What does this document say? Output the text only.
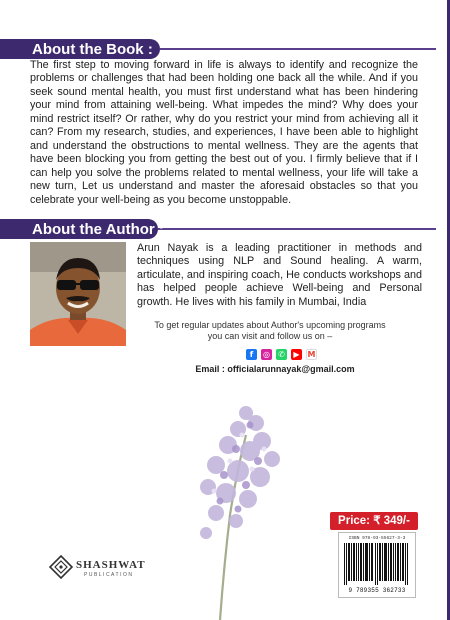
About the Book :
The first step to moving forward in life is always to identify and recognize the problems or challenges that had been holding one back all the while. And if you seek sound mental health, you must first understand what has been hindering your mind from attaining well-being. What impedes the mind? Why does your mind restrict itself? Or rather, why do you restrict your mind from achieving all it can? From my research, studies, and experiences, I have been able to highlight and understand the obstructions to mental wellness. They are the agents that have been blocking you from getting the best out of you. I firmly believe that if I can help you solve the problems related to mental wellness, your life will take a new turn, Let us understand and master the aforesaid obstacles so that you celebrate your well-being as you become unstoppable.
About the Author :
Arun Nayak is a leading practitioner in methods and techniques using NLP and Sound healing. A warm, articulate, and inspiring coach, He conducts workshops and has helped people achieve Well-being and Personal growth. He lives with his family in Mumbai, India
To get regular updates about Author's upcoming programs you can visit and follow us on –
f	◎ ✆	▶ M
Email : officialarunnayak@gmail.com
Price: ₹ 349/-
ISBN 978-93-55627-3-3
9 789355 362733
SHASHWAT
PUBLICATION
